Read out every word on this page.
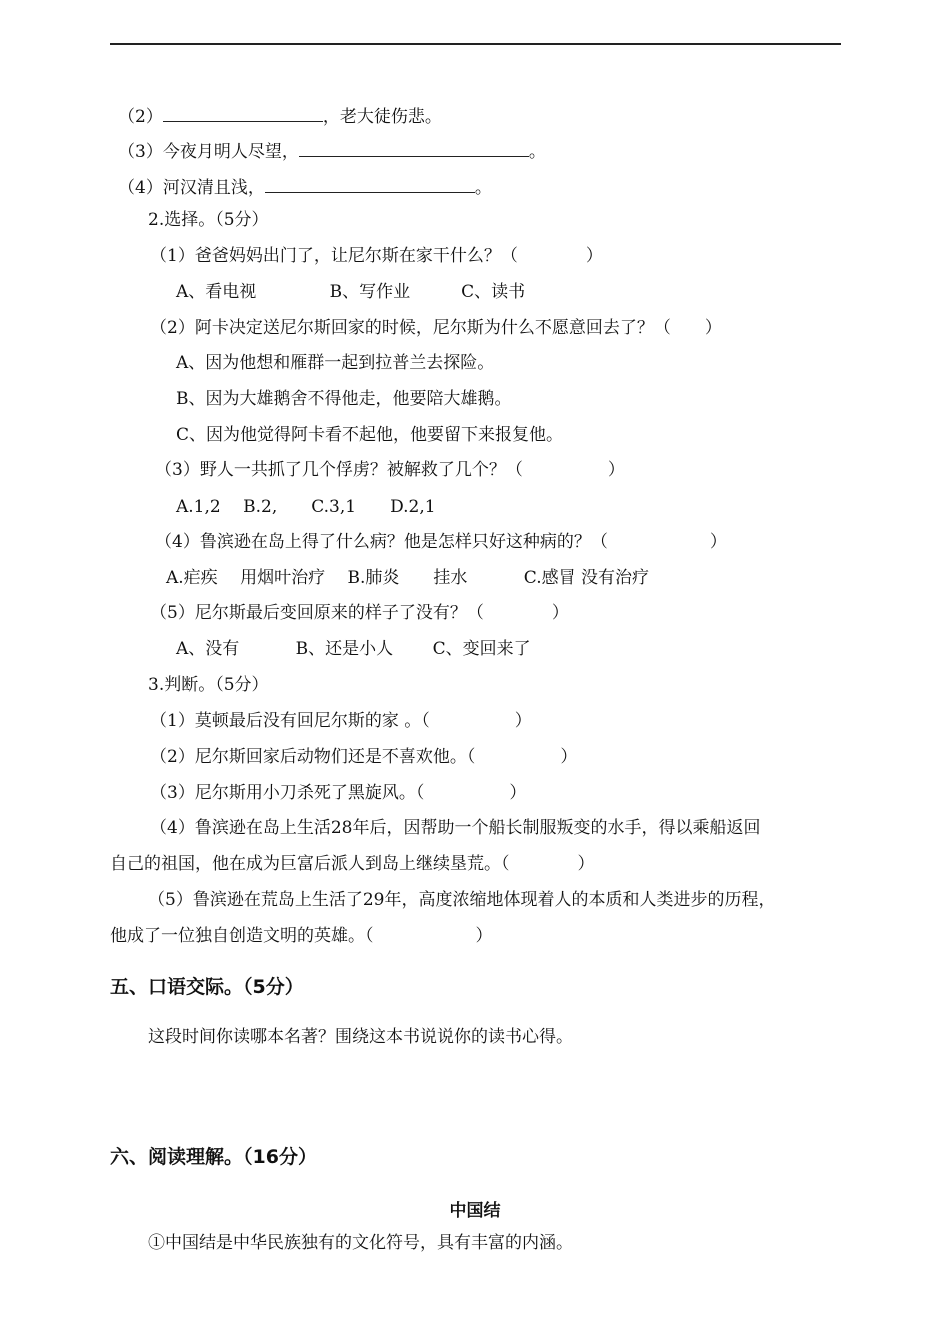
（2）	，老大徒伤悲。
（3）今夜月明人尽望，	。
（4）河汉清且浅，	。
2.选择。（5分）
（1）爸爸妈妈出门了，让尼尔斯在家干什么？（　　　　）
A、看电视　　　　 B、写作业　　　C、读书
（2）阿卡决定送尼尔斯回家的时候，尼尔斯为什么不愿意回去了？（　　）
A、因为他想和雁群一起到拉普兰去探险。
B、因为大雄鹅舍不得他走，他要陪大雄鹅。
C、因为他觉得阿卡看不起他，他要留下来报复他。
（3）野人一共抓了几个俘虏？被解救了几个？（　　　　　）
A.1,2　 B.2,　　C.3,1　　D.2,1
（4）鲁滨逊在岛上得了什么病？他是怎样只好这种病的？（　　　　　　）
A.疟疾　 用烟叶治疗　 B.肺炎　　挂水　　　 C.感冒 没有治疗
（5）尼尔斯最后变回原来的样子了没有？（　　　　）
A、没有　　　 B、还是小人　　 C、变回来了
3.判断。（5分）
（1）莫顿最后没有回尼尔斯的家 。（　　　　　）
（2）尼尔斯回家后动物们还是不喜欢他。（　　　　　）
（3）尼尔斯用小刀杀死了黑旋风。（　　　　　）
（4）鲁滨逊在岛上生活28年后，因帮助一个船长制服叛变的水手，得以乘船返回
自己的祖国，他在成为巨富后派人到岛上继续垦荒。（　　　　）
（5）鲁滨逊在荒岛上生活了29年，高度浓缩地体现着人的本质和人类进步的历程，
他成了一位独自创造文明的英雄。（　　　　　　）
五、口语交际。（5分）
这段时间你读哪本名著？围绕这本书说说你的读书心得。
六、阅读理解。（16分）
中国结
①中国结是中华民族独有的文化符号，具有丰富的内涵。
